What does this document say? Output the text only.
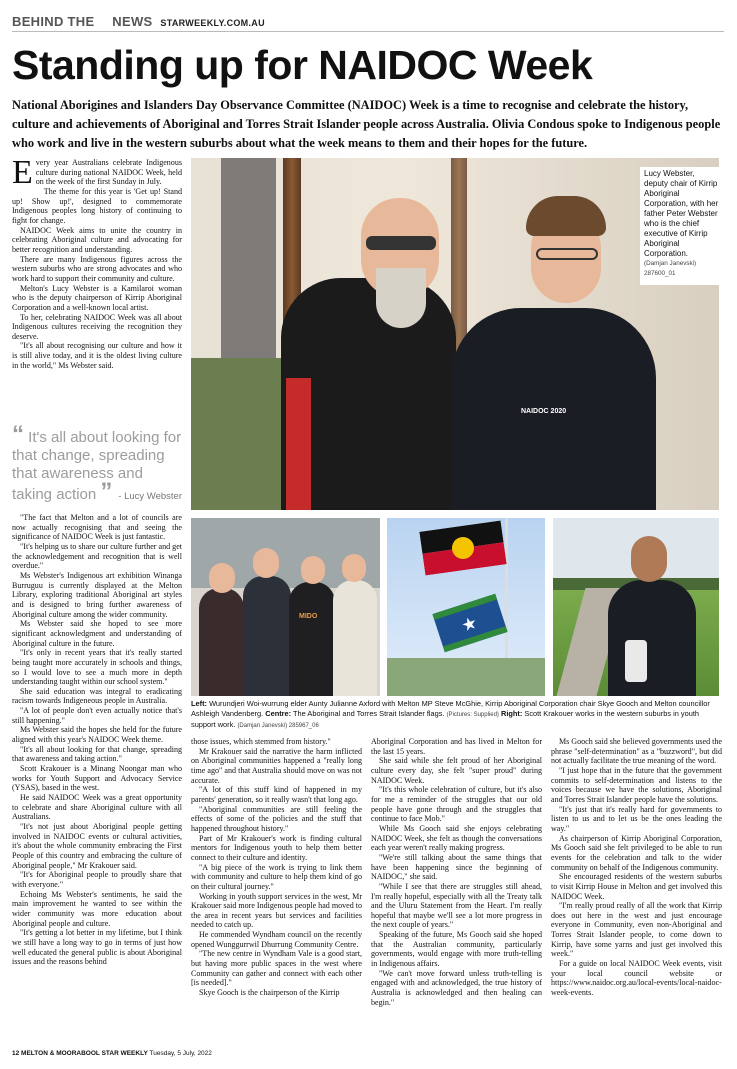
BEHIND THE NEWS STARWEEKLY.COM.AU
Standing up for NAIDOC Week

National Aborigines and Islanders Day Observance Committee (NAIDOC) Week is a time to recognise and celebrate the history, culture and achievements of Aboriginal and Torres Strait Islander people across Australia. Olivia Condous spoke to Indigenous people who work and live in the western suburbs about what the week means to them and their hopes for the future.

Every year Australians celebrate Indigenous culture during national NAIDOC Week, held on the week of the first Sunday in July.

The theme for this year is 'Get up! Stand up! Show up!', designed to commemorate Indigenous peoples long history of continuing to fight for change.

NAIDOC Week aims to unite the country in celebrating Aboriginal culture and advocating for better recognition and understanding.

There are many Indigenous figures across the western suburbs who are strong advocates and who work hard to support their community and culture.

Melton's Lucy Webster is a Kamilaroi woman who is the deputy chairperson of Kirrip Aboriginal Corporation and a well-known local artist.

To her, celebrating NAIDOC Week was all about Indigenous cultures receiving the recognition they deserve.

"It's all about recognising our culture and how it is still alive today, and it is the oldest living culture in the world," Ms Webster said.

“ It's all about looking for that change, spreading that awareness and taking action ” - Lucy Webster
NAIDOC 2020
Lucy Webster, deputy chair of Kirrip Aboriginal Corporation, with her father Peter Webster who is the chief executive of Kirrip Aboriginal Corporation.
(Damjan Janevski) 287600_01

"The fact that Melton and a lot of councils are now actually recognising that and seeing the significance of NAIDOC Week is just fantastic.

"It's helping us to share our culture further and get the acknowledgement and recognition that is well overdue."

Ms Webster's Indigenous art exhibition Winanga Burruguu is currently displayed at the Melton Library, exploring traditional Aboriginal art styles and is designed to bring further awareness of Aboriginal culture among the wider community.

Ms Webster said she hoped to see more significant acknowledgment and understanding of Aboriginal culture in the future.

"It's only in recent years that it's really started being taught more accurately in schools and things, so I would love to see a much more in depth understanding taught within our school system."

She said education was integral to eradicating racism towards Indigeneous people in Australia.

"A lot of people don't even actually notice that's still happening."

Ms Webster said the hopes she held for the future aligned with this year's NAIDOC Week theme.

"It's all about looking for that change, spreading that awareness and taking action."

Scott Krakouer is a Minang Noongar man who works for Youth Support and Advocacy Service (YSAS), based in the west.

He said NAIDOC Week was a great opportunity to celebrate and share Aboriginal culture with all Australians.

"It's not just about Aboriginal people getting involved in NAIDOC events or cultural activities, it's about the whole community embracing the First People of this country and embracing the culture of Aboriginal people," Mr Krakouer said.

"It's for Aboriginal people to proudly share that with everyone."

Echoing Ms Webster's sentiments, he said the main improvement he wanted to see within the wider community was more education about Aboriginal people and culture.

"It's getting a lot better in my lifetime, but I think we still have a long way to go in terms of just how well educated the general public is about Aboriginal issues and the reasons behind

MIDO
Left: Wurundjeri Woi-wurrung elder Aunty Julianne Axford with Melton MP Steve McGhie, Kirrip Aboriginal Corporation chair Skye Gooch and Melton councillor Ashleigh Vandenberg. Centre: The Aboriginal and Torres Strait Islander flags. (Pictures: Supplied) Right: Scott Krakouer works in the western suburbs in youth support work. (Damjan Janevski) 285967_06

those issues, which stemmed from history."

Mr Krakouer said the narrative the harm inflicted on Aboriginal communities happened a "really long time ago" and that Australia should move on was not accurate.

"A lot of this stuff kind of happened in my parents' generation, so it really wasn't that long ago.

"Aboriginal communities are still feeling the effects of some of the policies and the stuff that happened throughout history."

Part of Mr Krakouer's work is finding cultural mentors for Indigenous youth to help them better connect to their culture and identity.

"A big piece of the work is trying to link them with community and culture to help them kind of go on their cultural journey."

Working in youth support services in the west, Mr Krakouer said more Indigenous people had moved to the area in recent years but services and facilities needed to catch up.

He commended Wyndham council on the recently opened Wunggurrwil Dhurrung Community Centre.

"The new centre in Wyndham Vale is a good start, but having more public spaces in the west where Community can gather and connect with each other [is needed]."

Skye Gooch is the chairperson of the Kirrip

Aboriginal Corporation and has lived in Melton for the last 15 years.

She said while she felt proud of her Aboriginal culture every day, she felt "super proud" during NAIDOC Week.

"It's this whole celebration of culture, but it's also for me a reminder of the struggles that our old people have gone through and the struggles that continue to face Mob."

While Ms Gooch said she enjoys celebrating NAIDOC Week, she felt as though the conversations each year weren't really making progress.

"We're still talking about the same things that have been happening since the beginning of NAIDOC," she said.

"While I see that there are struggles still ahead, I'm really hopeful, especially with all the Treaty talk and the Uluru Statement from the Heart. I'm really hopeful that maybe we'll see a lot more progress in the next couple of years."

Speaking of the future, Ms Gooch said she hoped that the Australian community, particularly governments, would engage with more truth-telling in Indigenous affairs.

"We can't move forward unless truth-telling is engaged with and acknowledged, the true history of Australia is acknowledged and then healing can begin."

Ms Gooch said she believed governments used the phrase "self-determination" as a "buzzword", but did not actually facilitate the true meaning of the word.

"I just hope that in the future that the government commits to self-determination and listens to the voices because we have the solutions, Aboriginal and Torres Strait Islander people have the solutions.

"It's just that it's really hard for governments to listen to us and to let us be the ones leading the way."

As chairperson of Kirrip Aboriginal Corporation, Ms Gooch said she felt privileged to be able to run events for the celebration and talk to the wider community on behalf of the Indigenous community.

She encouraged residents of the western suburbs to visit Kirrip House in Melton and get involved this NAIDOC Week.

"I'm really proud really of all the work that Kirrip does out here in the west and just encourage everyone in Community, even non-Aboriginal and Torres Strait Islander people, to come down to Kirrip, have some yarns and just get involved this week."

For a guide on local NAIDOC Week events, visit your local council website or https://www.naidoc.org.au/local-events/local-naidoc-week-events.

12 MELTON & MOORABOOL STAR WEEKLY Tuesday, 5 July, 2022
